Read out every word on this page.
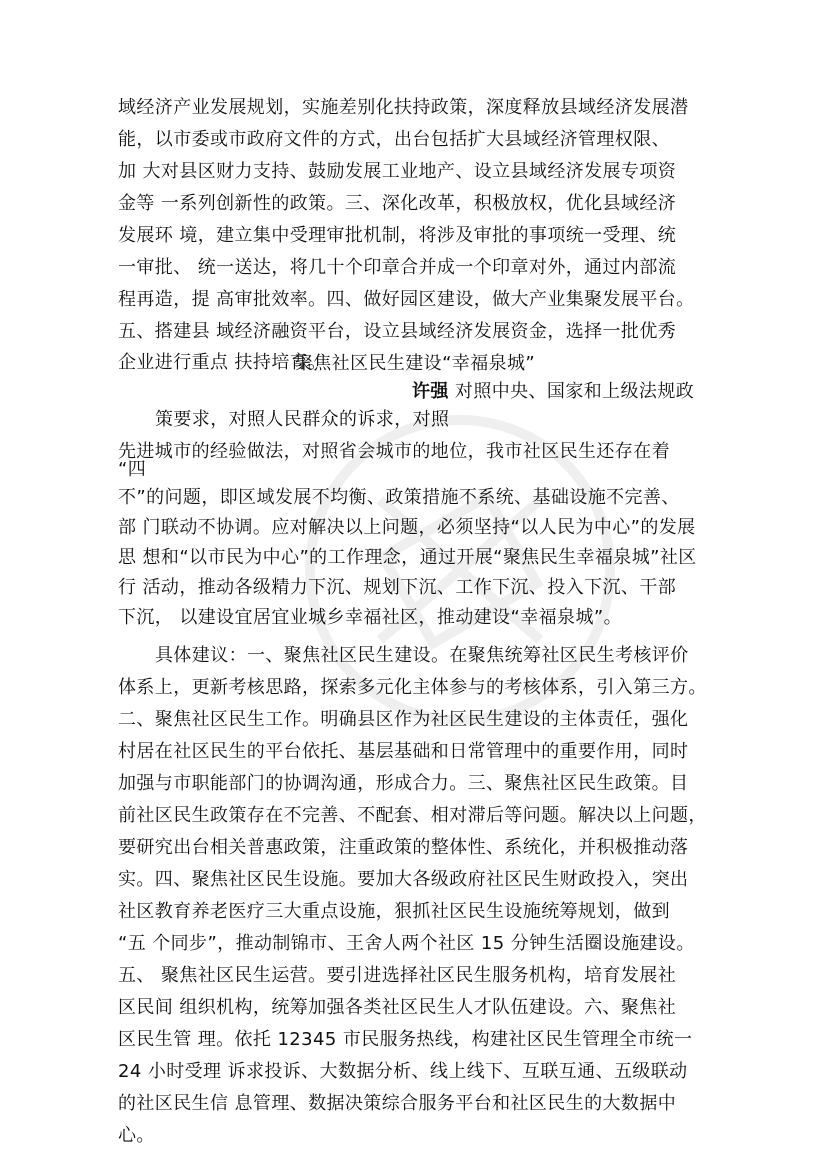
域经济产业发展规划，实施差别化扶持政策，深度释放县域经济发展潜
能，以市委或市政府文件的方式，出台包括扩大县域经济管理权限、
加 大对县区财力支持、鼓励发展工业地产、设立县域经济发展专项资
金等 一系列创新性的政策。三、深化改革，积极放权，优化县域经济
发展环 境，建立集中受理审批机制，将涉及审批的事项统一受理、统
一审批、 统一送达，将几十个印章合并成一个印章对外，通过内部流
程再造，提 高审批效率。四、做好园区建设，做大产业集聚发展平台。
五、搭建县 域经济融资平台，设立县域经济发展资金，选择一批优秀
企业进行重点 扶持培育。
聚焦社区民生建设“幸福泉城”
许强 对照中央、国家和上级法规政
策要求，对照人民群众的诉求，对照
先进城市的经验做法，对照省会城市的地位，我市社区民生还存在着
“四
不”的问题，即区域发展不均衡、政策措施不系统、基础设施不完善、
部 门联动不协调。应对解决以上问题，必须坚持“以人民为中心”的发展
思 想和“以市民为中心”的工作理念，通过开展“聚焦民生幸福泉城”社区
行 活动，推动各级精力下沉、规划下沉、工作下沉、投入下沉、干部
下沉， 以建设宜居宜业城乡幸福社区，推动建设“幸福泉城”。
具体建议：一、聚焦社区民生建设。在聚焦统筹社区民生考核评价
体系上，更新考核思路，探索多元化主体参与的考核体系，引入第三方。
二、聚焦社区民生工作。明确县区作为社区民生建设的主体责任，强化
村居在社区民生的平台依托、基层基础和日常管理中的重要作用，同时
加强与市职能部门的协调沟通，形成合力。三、聚焦社区民生政策。目
前社区民生政策存在不完善、不配套、相对滞后等问题。解决以上问题，
要研究出台相关普惠政策，注重政策的整体性、系统化，并积极推动落
实。四、聚焦社区民生设施。要加大各级政府社区民生财政投入，突出
社区教育养老医疗三大重点设施，狠抓社区民生设施统筹规划，做到
“五 个同步”，推动制锦市、王舍人两个社区 15 分钟生活圈设施建设。
五、 聚焦社区民生运营。要引进选择社区民生服务机构，培育发展社
区民间 组织机构，统筹加强各类社区民生人才队伍建设。六、聚焦社
区民生管 理。依托 12345 市民服务热线，构建社区民生管理全市统一
24 小时受理 诉求投诉、大数据分析、线上线下、互联互通、五级联动
的社区民生信 息管理、数据决策综合服务平台和社区民生的大数据中
心。
